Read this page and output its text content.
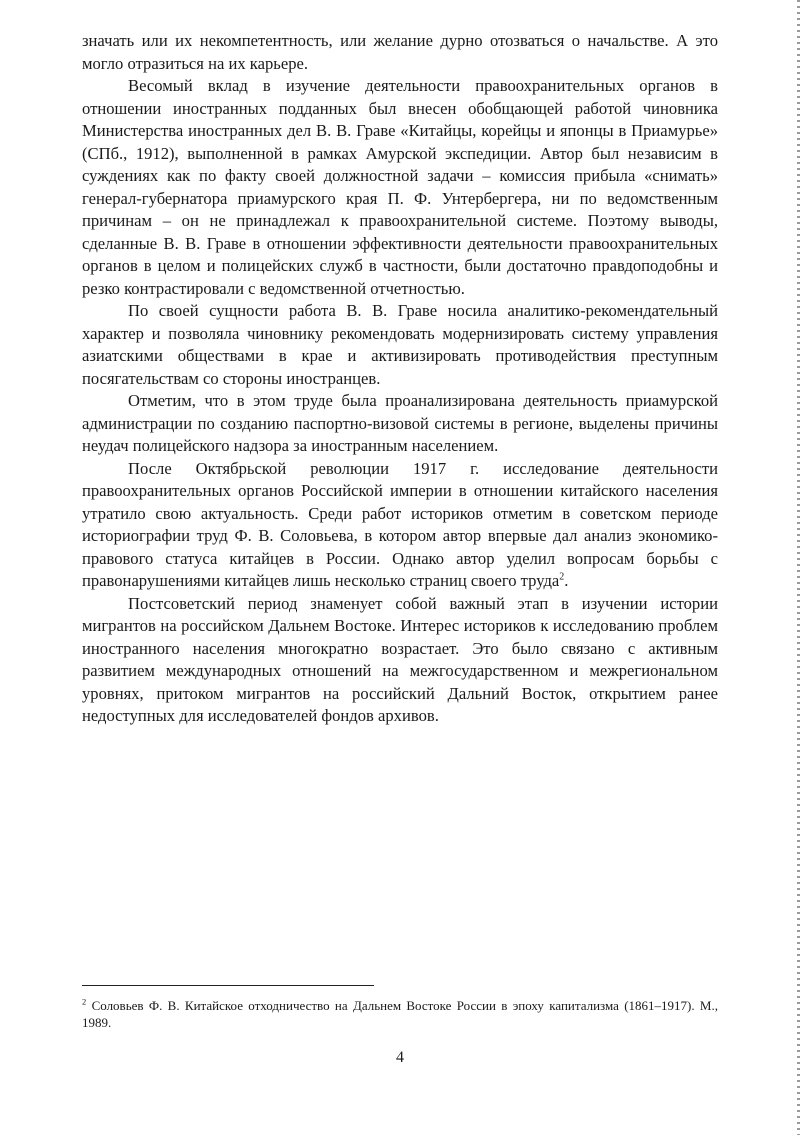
значать или их некомпетентность, или желание дурно отозваться о начальстве. А это могло отразиться на их карьере.

Весомый вклад в изучение деятельности правоохранительных органов в отношении иностранных подданных был внесен обобщающей работой чиновника Министерства иностранных дел В. В. Граве «Китайцы, корейцы и японцы в Приамурье» (СПб., 1912), выполненной в рамках Амурской экспедиции. Автор был независим в суждениях как по факту своей должностной задачи – комиссия прибыла «снимать» генерал-губернатора приамурского края П. Ф. Унтербергера, ни по ведомственным причинам – он не принадлежал к правоохранительной системе. Поэтому выводы, сделанные В. В. Граве в отношении эффективности деятельности правоохранительных органов в целом и полицейских служб в частности, были достаточно правдоподобны и резко контрастировали с ведомственной отчетностью.

По своей сущности работа В. В. Граве носила аналитико-рекомендательный характер и позволяла чиновнику рекомендовать модернизировать систему управления азиатскими обществами в крае и активизировать противодействия преступным посягательствам со стороны иностранцев.

Отметим, что в этом труде была проанализирована деятельность приамурской администрации по созданию паспортно-визовой системы в регионе, выделены причины неудач полицейского надзора за иностранным населением.

После Октябрьской революции 1917 г. исследование деятельности правоохранительных органов Российской империи в отношении китайского населения утратило свою актуальность. Среди работ историков отметим в советском периоде историографии труд Ф. В. Соловьева, в котором автор впервые дал анализ экономико-правового статуса китайцев в России. Однако автор уделил вопросам борьбы с правонарушениями китайцев лишь несколько страниц своего труда$^2$.

Постсоветский период знаменует собой важный этап в изучении истории мигрантов на российском Дальнем Востоке. Интерес историков к исследованию проблем иностранного населения многократно возрастает. Это было связано с активным развитием международных отношений на межгосударственном и межрегиональном уровнях, притоком мигрантов на российский Дальний Восток, открытием ранее недоступных для исследователей фондов архивов.

$^2$ Соловьев Ф. В. Китайское отходничество на Дальнем Востоке России в эпоху капитализма (1861–1917). М., 1989.

4
